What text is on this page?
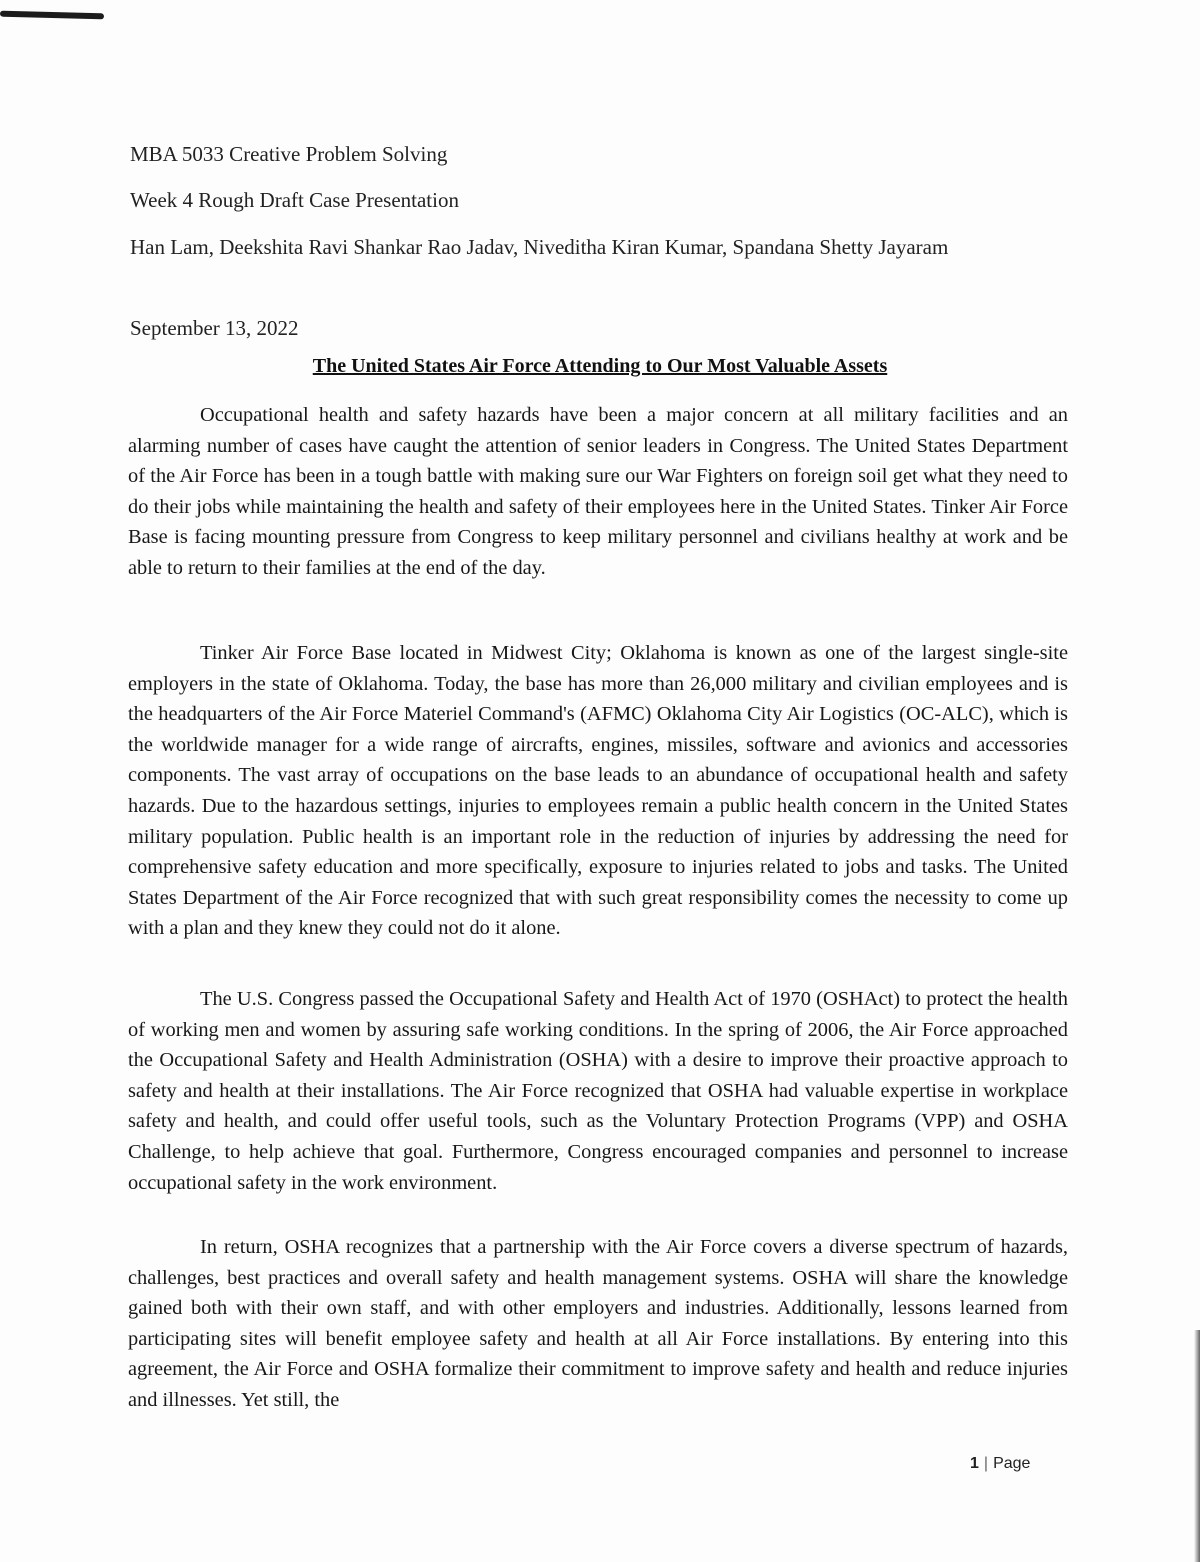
MBA 5033 Creative Problem Solving
Week 4 Rough Draft Case Presentation
Han Lam, Deekshita Ravi Shankar Rao Jadav, Niveditha Kiran Kumar, Spandana Shetty Jayaram
September 13, 2022
The United States Air Force Attending to Our Most Valuable Assets

Occupational health and safety hazards have been a major concern at all military facilities and an alarming number of cases have caught the attention of senior leaders in Congress. The United States Department of the Air Force has been in a tough battle with making sure our War Fighters on foreign soil get what they need to do their jobs while maintaining the health and safety of their employees here in the United States. Tinker Air Force Base is facing mounting pressure from Congress to keep military personnel and civilians healthy at work and be able to return to their families at the end of the day.

Tinker Air Force Base located in Midwest City; Oklahoma is known as one of the largest single-site employers in the state of Oklahoma. Today, the base has more than 26,000 military and civilian employees and is the headquarters of the Air Force Materiel Command's (AFMC) Oklahoma City Air Logistics (OC-ALC), which is the worldwide manager for a wide range of aircrafts, engines, missiles, software and avionics and accessories components. The vast array of occupations on the base leads to an abundance of occupational health and safety hazards. Due to the hazardous settings, injuries to employees remain a public health concern in the United States military population. Public health is an important role in the reduction of injuries by addressing the need for comprehensive safety education and more specifically, exposure to injuries related to jobs and tasks. The United States Department of the Air Force recognized that with such great responsibility comes the necessity to come up with a plan and they knew they could not do it alone.

The U.S. Congress passed the Occupational Safety and Health Act of 1970 (OSHAct) to protect the health of working men and women by assuring safe working conditions. In the spring of 2006, the Air Force approached the Occupational Safety and Health Administration (OSHA) with a desire to improve their proactive approach to safety and health at their installations. The Air Force recognized that OSHA had valuable expertise in workplace safety and health, and could offer useful tools, such as the Voluntary Protection Programs (VPP) and OSHA Challenge, to help achieve that goal. Furthermore, Congress encouraged companies and personnel to increase occupational safety in the work environment.

In return, OSHA recognizes that a partnership with the Air Force covers a diverse spectrum of hazards, challenges, best practices and overall safety and health management systems. OSHA will share the knowledge gained both with their own staff, and with other employers and industries. Additionally, lessons learned from participating sites will benefit employee safety and health at all Air Force installations. By entering into this agreement, the Air Force and OSHA formalize their commitment to improve safety and health and reduce injuries and illnesses. Yet still, the

1 | Page
